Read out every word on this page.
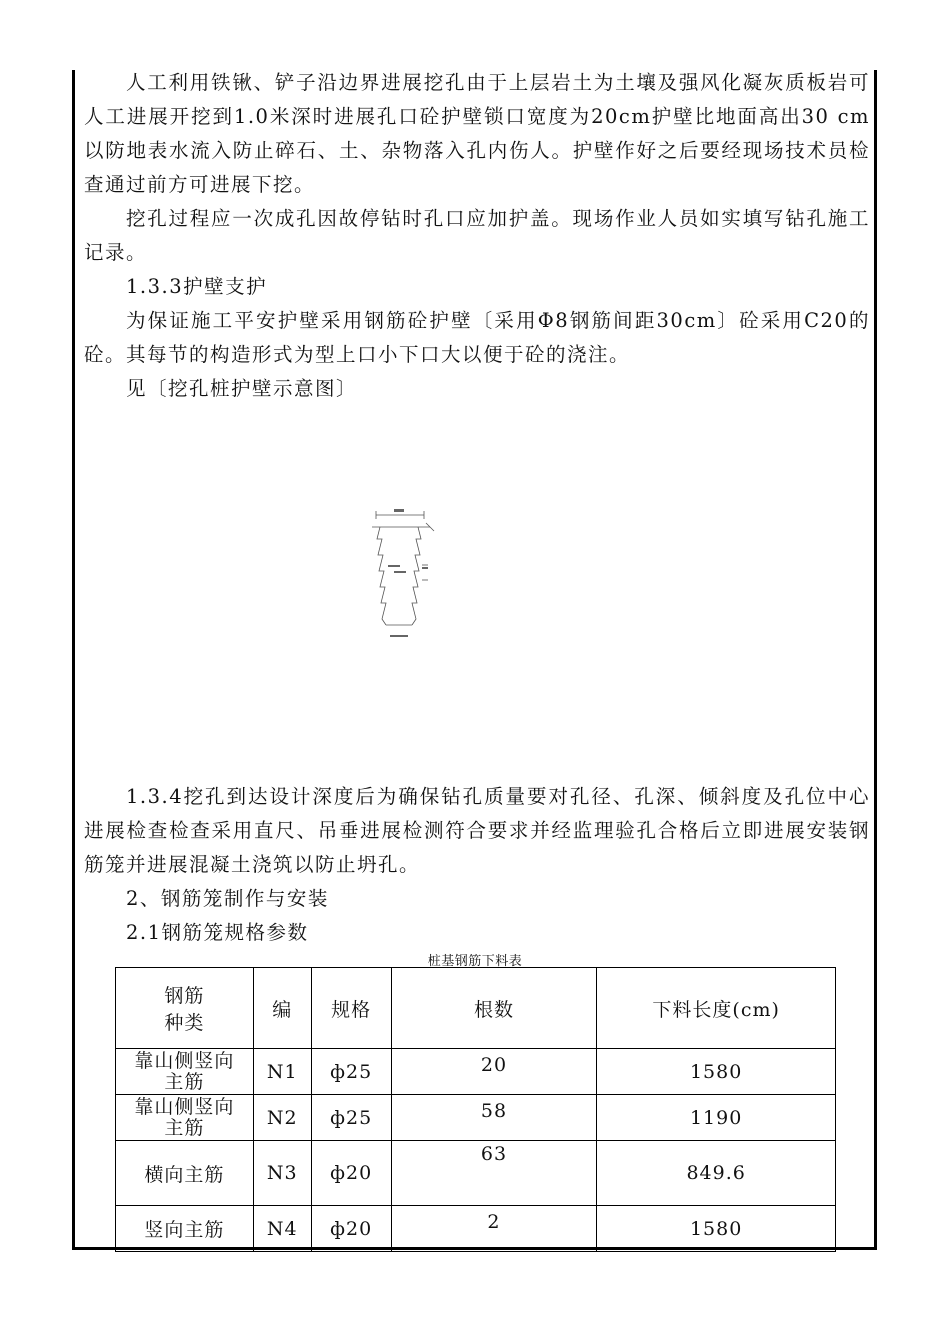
人工利用铁锹、铲子沿边界进展挖孔由于上层岩土为土壤及强风化凝灰质板岩可人工进展开挖到1.0米深时进展孔口砼护壁锁口宽度为20cm护壁比地面高出30 cm以防地表水流入防止碎石、土、杂物落入孔内伤人。护壁作好之后要经现场技术员检查通过前方可进展下挖。

挖孔过程应一次成孔因故停钻时孔口应加护盖。现场作业人员如实填写钻孔施工记录。

1.3.3护壁支护

为保证施工平安护壁采用钢筋砼护壁〔采用Φ8钢筋间距30cm〕砼采用C20的砼。其每节的构造形式为型上口小下口大以便于砼的浇注。

见〔挖孔桩护壁示意图〕

1.3.4挖孔到达设计深度后为确保钻孔质量要对孔径、孔深、倾斜度及孔位中心进展检查检查采用直尺、吊垂进展检测符合要求并经监理验孔合格后立即进展安装钢筋笼并进展混凝土浇筑以防止坍孔。

2、钢筋笼制作与安装

2.1钢筋笼规格参数

桩基钢筋下料表
钢筋
种类	编	规格	根数	下料长度(cm)

靠山侧竖向
主筋	N1	ф25	20	1580

靠山侧竖向
主筋	N2	ф25	58	1190
横向主筋	N3	ф20	63	849.6
竖向主筋	N4	ф20	2	1580
